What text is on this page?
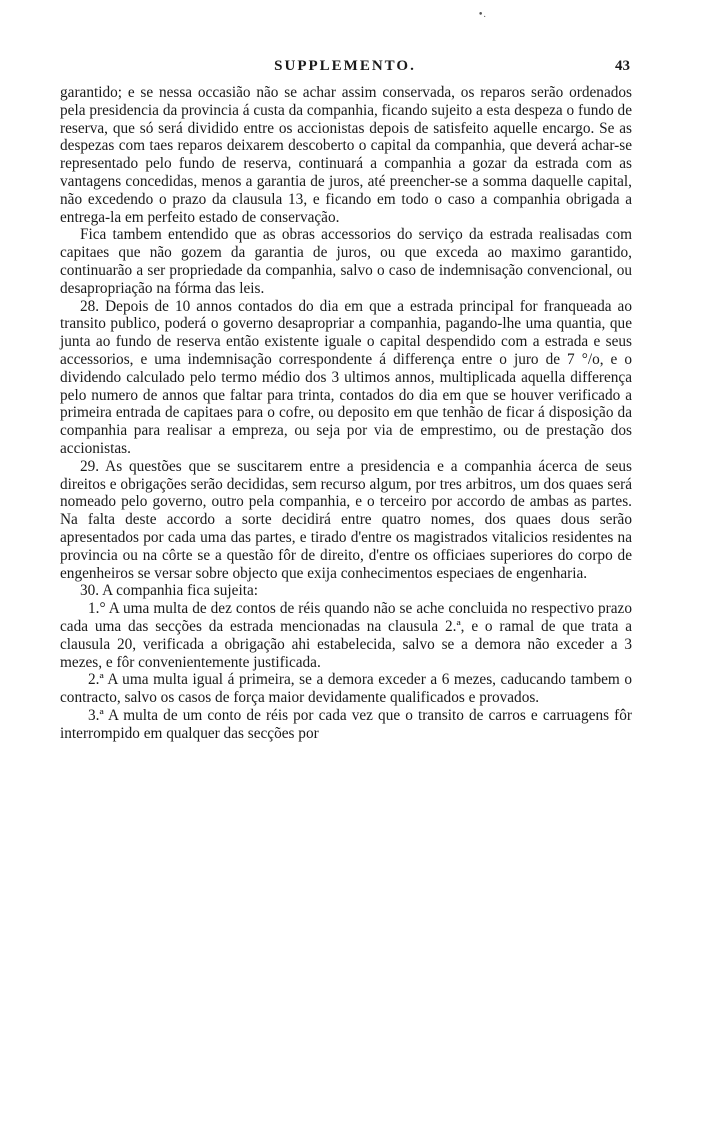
•.
SUPPLEMENTO.	43

garantido; e se nessa occasião não se achar assim conservada, os reparos serão ordenados pela presidencia da provincia á custa da companhia, ficando sujeito a esta despeza o fundo de reserva, que só será dividido entre os accionistas depois de satisfeito aquelle encargo. Se as despezas com taes reparos deixarem descoberto o capital da companhia, que deverá achar-se representado pelo fundo de reserva, continuará a companhia a gozar da estrada com as vantagens concedidas, menos a garantia de juros, até preencher-se a somma daquelle capital, não excedendo o prazo da clausula 13, e ficando em todo o caso a companhia obrigada a entrega-la em perfeito estado de conservação.

Fica tambem entendido que as obras accessorios do serviço da estrada realisadas com capitaes que não gozem da garantia de juros, ou que exceda ao maximo garantido, continuarão a ser propriedade da companhia, salvo o caso de indemnisação convencional, ou desapropriação na fórma das leis.

28. Depois de 10 annos contados do dia em que a estrada principal for franqueada ao transito publico, poderá o governo desapropriar a companhia, pagando-lhe uma quantia, que junta ao fundo de reserva então existente iguale o capital despendido com a estrada e seus accessorios, e uma indemnisação correspondente á differença entre o juro de 7 °/o, e o dividendo calculado pelo termo médio dos 3 ultimos annos, multiplicada aquella differença pelo numero de annos que faltar para trinta, contados do dia em que se houver verificado a primeira entrada de capitaes para o cofre, ou deposito em que tenhão de ficar á disposição da companhia para realisar a empreza, ou seja por via de emprestimo, ou de prestação dos accionistas.

29. As questões que se suscitarem entre a presidencia e a companhia ácerca de seus direitos e obrigações serão decididas, sem recurso algum, por tres arbitros, um dos quaes será nomeado pelo governo, outro pela companhia, e o terceiro por accordo de ambas as partes. Na falta deste accordo a sorte decidirá entre quatro nomes, dos quaes dous serão apresentados por cada uma das partes, e tirado d'entre os magistrados vitalicios residentes na provincia ou na côrte se a questão fôr de direito, d'entre os officiaes superiores do corpo de engenheiros se versar sobre objecto que exija conhecimentos especiaes de engenharia.

30. A companhia fica sujeita:

1.° A uma multa de dez contos de réis quando não se ache concluida no respectivo prazo cada uma das secções da estrada mencionadas na clausula 2.ª, e o ramal de que trata a clausula 20, verificada a obrigação ahi estabelecida, salvo se a demora não exceder a 3 mezes, e fôr convenientemente justificada.

2.ª A uma multa igual á primeira, se a demora exceder a 6 mezes, caducando tambem o contracto, salvo os casos de força maior devidamente qualificados e provados.

3.ª A multa de um conto de réis por cada vez que o transito de carros e carruagens fôr interrompido em qualquer das secções por
